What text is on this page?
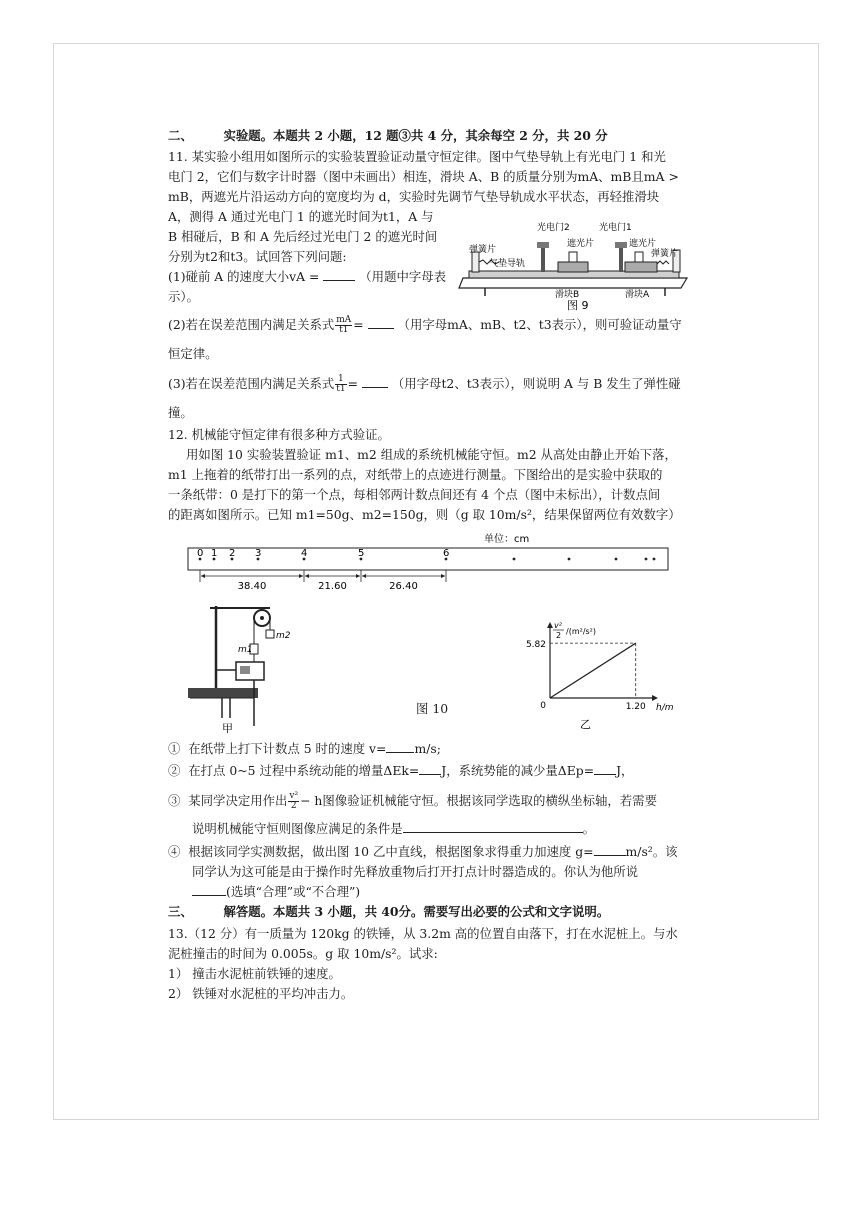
二、 实验题。本题共 2 小题，12 题③共 4 分，其余每空 2 分，共 20 分
11. 某实验小组用如图所示的实验装置验证动量守恒定律。图中气垫导轨上有光电门 1 和光
电门 2，它们与数字计时器（图中未画出）相连，滑块 A、B 的质量分别为mA、mB且mA >
mB，两遮光片沿运动方向的宽度均为 d，实验时先调节气垫导轨成水平状态，再轻推滑块
A，测得 A 通过光电门 1 的遮光时间为t1，A 与
B 相碰后，B 和 A 先后经过光电门 2 的遮光时间
分别为t2和t3。试回答下列问题:
(1)碰前 A 的速度大小vA =	（用题中字母表
示）。
(2)若在误差范围内满足关系式 $\frac{mA}{t1}$ =	（用字母mA、mB、t2、t3表示），则可验证动量守
恒定律。
(3)若在误差范围内满足关系式 $\frac{1}{t1}$ =	（用字母t2、t3表示），则说明 A 与 B 发生了弹性碰
撞。
光电门2	光电门1
遮光片	遮光片
弹簧片	弹簧片
气垫导轨
滑块B	滑块A
图 9
12. 机械能守恒定律有很多种方式验证。
用如图 10 实验装置验证 m1、m2 组成的系统机械能守恒。m2 从高处由静止开始下落，
m1 上拖着的纸带打出一系列的点，对纸带上的点迹进行测量。下图给出的是实验中获取的
一条纸带：0 是打下的第一个点，每相邻两计数点间还有 4 个点（图中未标出），计数点间
的距离如图所示。已知 m1=50g、m2=150g，则（g 取 10m/s²，结果保留两位有效数字）
单位：cm
0 1 2 3	4	5	6
38.40	21.60	26.40
m2
m1
甲
图 10
5.82
1.20
0	h/m
v²
2 /(m²/s²)
乙
① 在纸带上打下计数点 5 时的速度 v= m/s;
② 在打点 0~5 过程中系统动能的增量ΔEk= J，系统势能的减少量ΔEp= J，
③ 某同学决定用作出 $\frac{\text{v²}}{2} - h$图像验证机械能守恒。根据该同学选取的横纵坐标轴，若需要
说明机械能守恒则图像应满足的条件是	。
④ 根据该同学实测数据，做出图 10 乙中直线，根据图象求得重力加速度 g=	m/s²。该
同学认为这可能是由于操作时先释放重物后打开打点计时器造成的。你认为他所说
(选填“合理”或“不合理”)
三、 解答题。本题共 3 小题，共 40分。需要写出必要的公式和文字说明。
13.（12 分）有一质量为 120kg 的铁锤，从 3.2m 高的位置自由落下，打在水泥桩上。与水
泥桩撞击的时间为 0.005s。g 取 10m/s²。试求:
1） 撞击水泥桩前铁锤的速度。
2） 铁锤对水泥桩的平均冲击力。
